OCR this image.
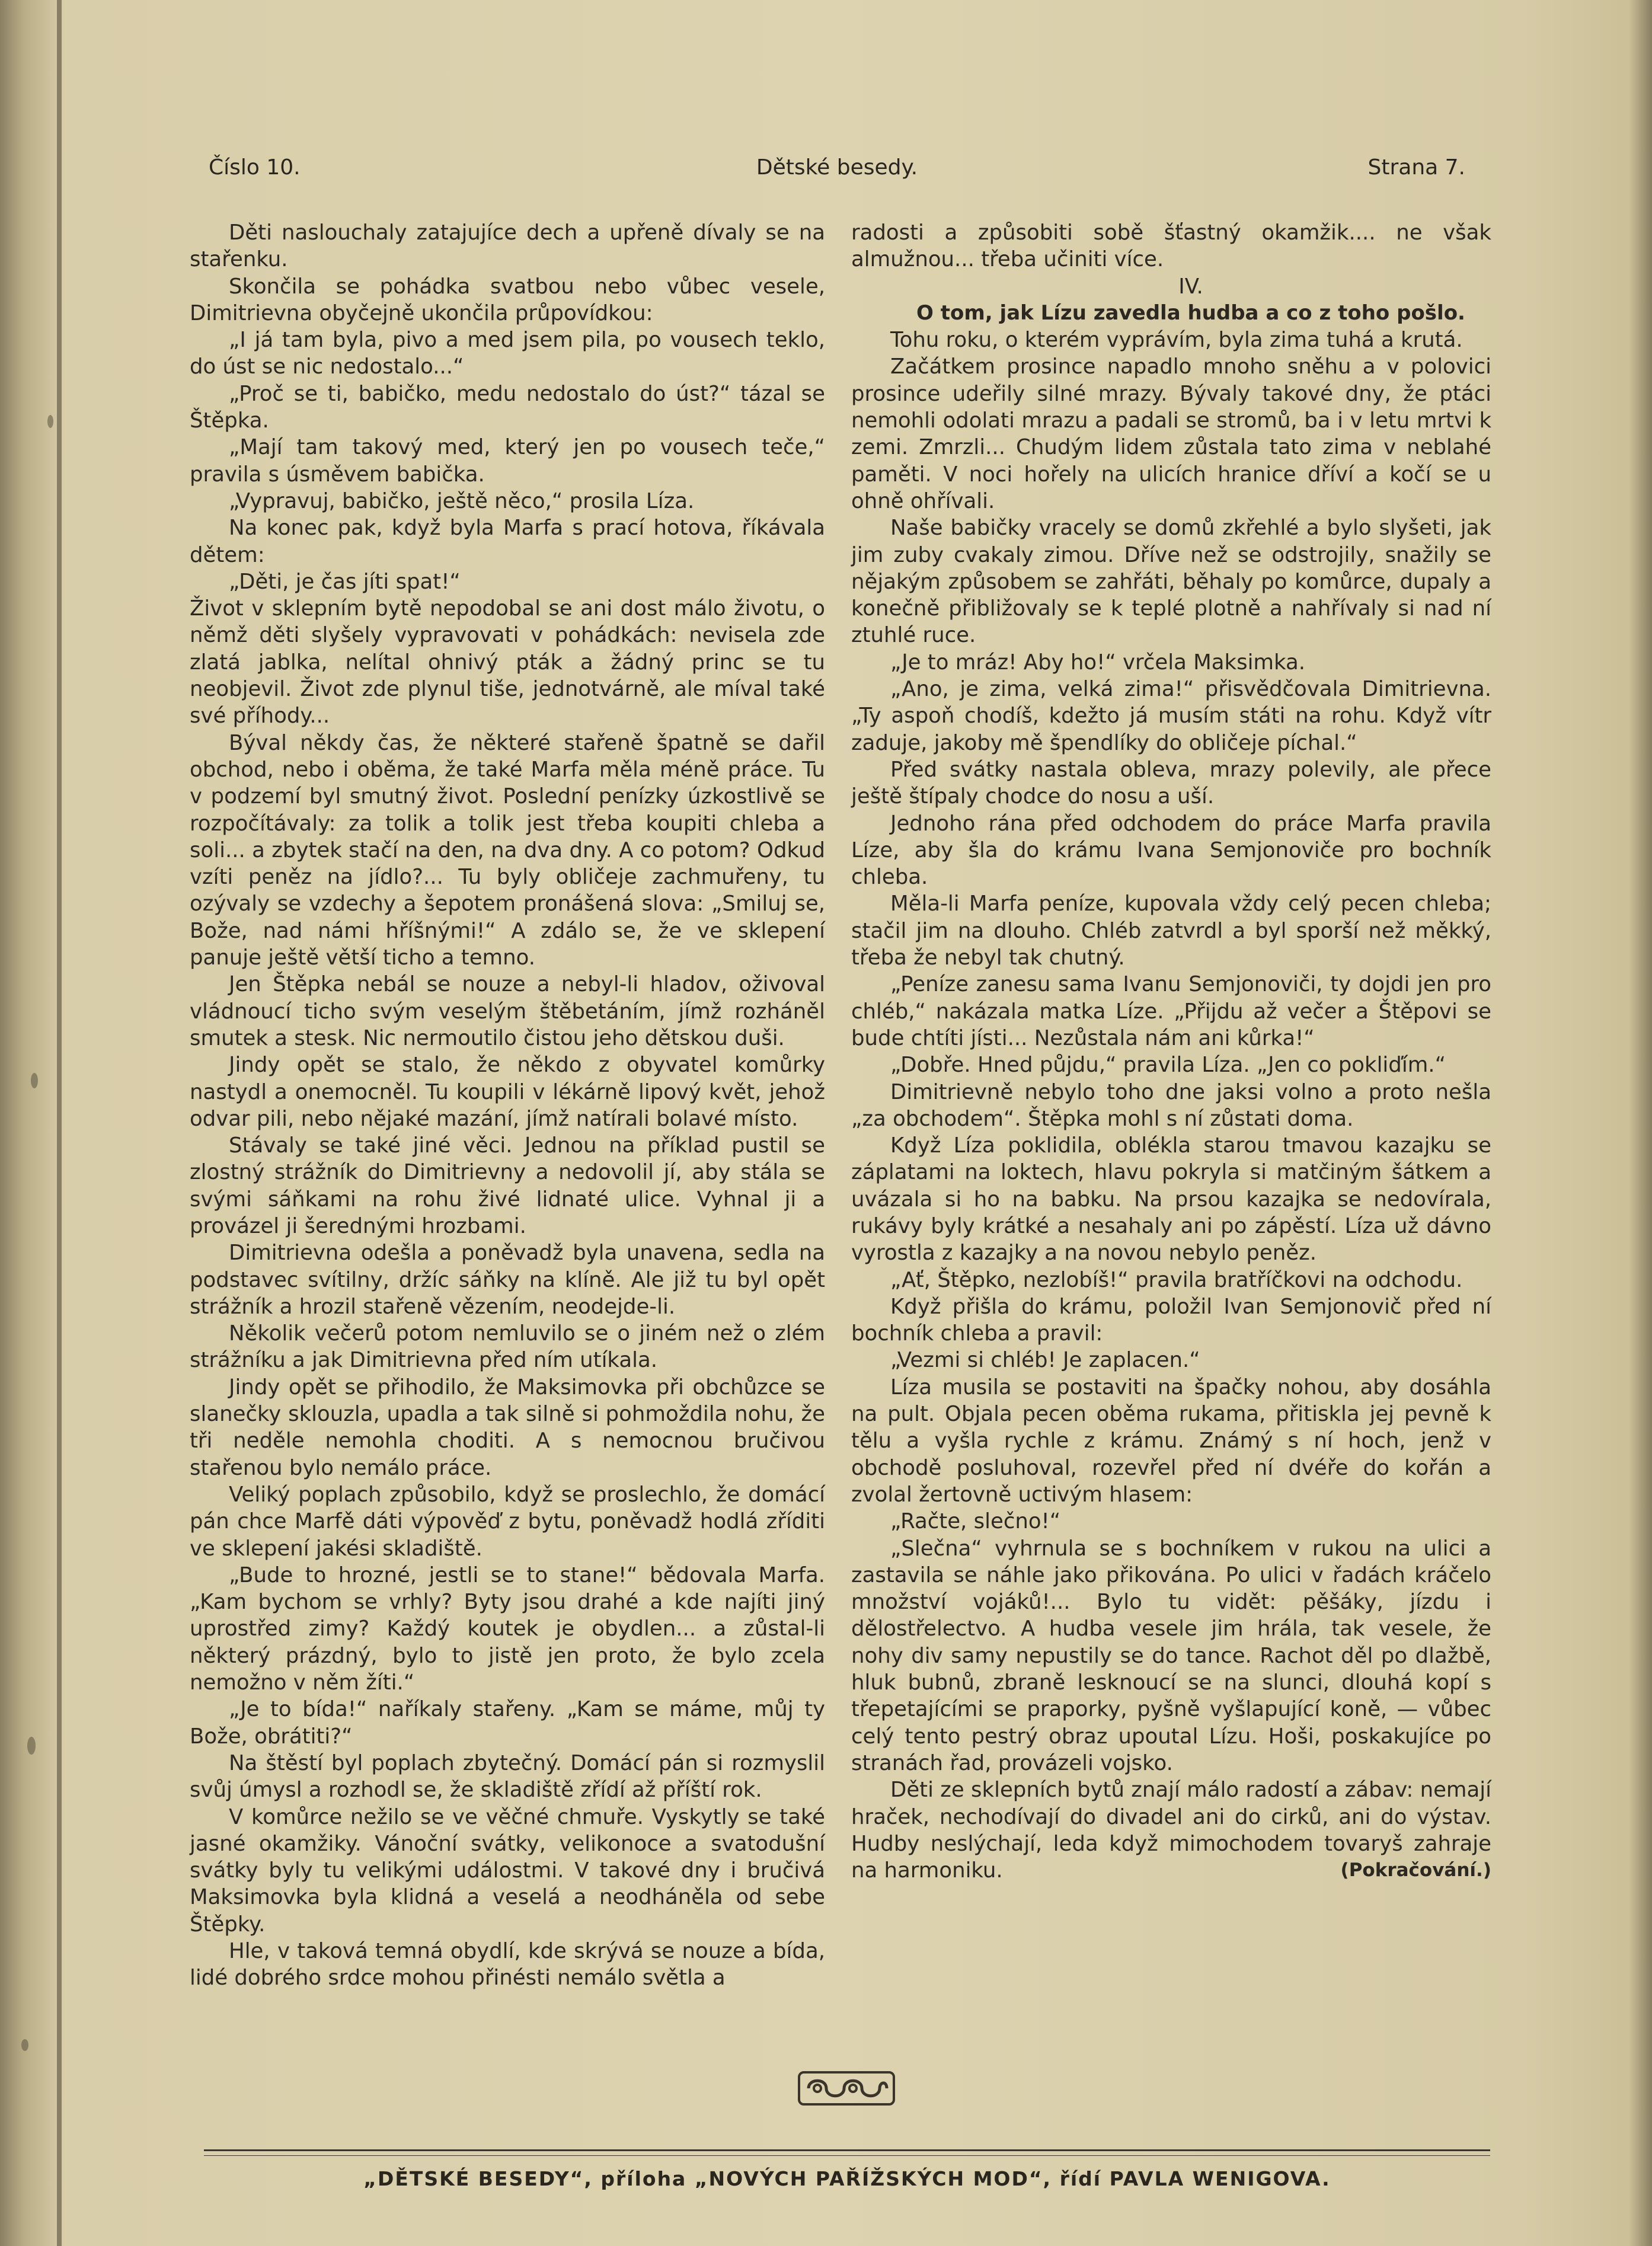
Číslo 10.	Dětské besedy.	Strana 7.

Děti naslouchaly zatajujíce dech a upřeně dívaly se na stařenku.

Skončila se pohádka svatbou nebo vůbec vesele, Dimitrievna obyčejně ukončila průpovídkou:

„I já tam byla, pivo a med jsem pila, po vousech teklo, do úst se nic nedostalo...“

„Proč se ti, babičko, medu nedostalo do úst?“ tázal se Štěpka.

„Mají tam takový med, který jen po vousech teče,“ pravila s úsměvem babička.

„Vypravuj, babičko, ještě něco,“ prosila Líza.

Na konec pak, když byla Marfa s prací hotova, říkávala dětem:

„Děti, je čas jíti spat!“

Život v sklepním bytě nepodobal se ani dost málo životu, o němž děti slyšely vypravovati v pohádkách: nevisela zde zlatá jablka, nelítal ohnivý pták a žádný princ se tu neobjevil. Život zde plynul tiše, jednotvárně, ale míval také své příhody...

Býval někdy čas, že některé stařeně špatně se dařil obchod, nebo i oběma, že také Marfa měla méně práce. Tu v podzemí byl smutný život. Poslední penízky úzkostlivě se rozpočítávaly: za tolik a tolik jest třeba koupiti chleba a soli... a zbytek stačí na den, na dva dny. A co potom? Odkud vzíti peněz na jídlo?... Tu byly obličeje zachmuřeny, tu ozývaly se vzdechy a šepotem pronášená slova: „Smiluj se, Bože, nad námi hříšnými!“ A zdálo se, že ve sklepení panuje ještě větší ticho a temno.

Jen Štěpka nebál se nouze a nebyl-li hladov, oživoval vládnoucí ticho svým veselým štěbetáním, jímž rozháněl smutek a stesk. Nic nermoutilo čistou jeho dětskou duši.

Jindy opět se stalo, že někdo z obyvatel komůrky nastydl a onemocněl. Tu koupili v lékárně lipový květ, jehož odvar pili, nebo nějaké mazání, jímž natírali bolavé místo.

Stávaly se také jiné věci. Jednou na příklad pustil se zlostný strážník do Dimitrievny a nedovolil jí, aby stála se svými sáňkami na rohu živé lidnaté ulice. Vyhnal ji a provázel ji šerednými hrozbami.

Dimitrievna odešla a poněvadž byla unavena, sedla na podstavec svítilny, držíc sáňky na klíně. Ale již tu byl opět strážník a hrozil stařeně vězením, neodejde-li.

Několik večerů potom nemluvilo se o jiném než o zlém strážníku a jak Dimitrievna před ním utíkala.

Jindy opět se přihodilo, že Maksimovka při obchůzce se slanečky sklouzla, upadla a tak silně si pohmoždila nohu, že tři neděle nemohla choditi. A s nemocnou bručivou stařenou bylo nemálo práce.

Veliký poplach způsobilo, když se proslechlo, že domácí pán chce Marfě dáti výpověď z bytu, poněvadž hodlá zříditi ve sklepení jakési skladiště.

„Bude to hrozné, jestli se to stane!“ bědovala Marfa. „Kam bychom se vrhly? Byty jsou drahé a kde najíti jiný uprostřed zimy? Každý koutek je obydlen... a zůstal-li některý prázdný, bylo to jistě jen proto, že bylo zcela nemožno v něm žíti.“

„Je to bída!“ naříkaly stařeny. „Kam se máme, můj ty Bože, obrátiti?“

Na štěstí byl poplach zbytečný. Domácí pán si rozmyslil svůj úmysl a rozhodl se, že skladiště zřídí až příští rok.

V komůrce nežilo se ve věčné chmuře. Vyskytly se také jasné okamžiky. Vánoční svátky, velikonoce a svatodušní svátky byly tu velikými událostmi. V takové dny i bručivá Maksimovka byla klidná a veselá a neodháněla od sebe Štěpky.

Hle, v taková temná obydlí, kde skrývá se nouze a bída, lidé dobrého srdce mohou přinésti nemálo světla a

radosti a způsobiti sobě šťastný okamžik.... ne však almužnou... třeba učiniti více.

IV.

O tom, jak Lízu zavedla hudba a co z toho pošlo.

Tohu roku, o kterém vyprávím, byla zima tuhá a krutá.

Začátkem prosince napadlo mnoho sněhu a v polovici prosince udeřily silné mrazy. Bývaly takové dny, že ptáci nemohli odolati mrazu a padali se stromů, ba i v letu mrtvi k zemi. Zmrzli... Chudým lidem zůstala tato zima v neblahé paměti. V noci hořely na ulicích hranice dříví a kočí se u ohně ohřívali.

Naše babičky vracely se domů zkřehlé a bylo slyšeti, jak jim zuby cvakaly zimou. Dříve než se odstrojily, snažily se nějakým způsobem se zahřáti, běhaly po komůrce, dupaly a konečně přibližovaly se k teplé plotně a nahřívaly si nad ní ztuhlé ruce.

„Je to mráz! Aby ho!“ vrčela Maksimka.

„Ano, je zima, velká zima!“ přisvědčovala Dimitrievna. „Ty aspoň chodíš, kdežto já musím státi na rohu. Když vítr zaduje, jakoby mě špendlíky do obličeje píchal.“

Před svátky nastala obleva, mrazy polevily, ale přece ještě štípaly chodce do nosu a uší.

Jednoho rána před odchodem do práce Marfa pravila Líze, aby šla do krámu Ivana Semjonoviče pro bochník chleba.

Měla-li Marfa peníze, kupovala vždy celý pecen chleba; stačil jim na dlouho. Chléb zatvrdl a byl sporší než měkký, třeba že nebyl tak chutný.

„Peníze zanesu sama Ivanu Semjonoviči, ty dojdi jen pro chléb,“ nakázala matka Líze. „Přijdu až večer a Štěpovi se bude chtíti jísti... Nezůstala nám ani kůrka!“

„Dobře. Hned půjdu,“ pravila Líza. „Jen co pokliďím.“

Dimitrievně nebylo toho dne jaksi volno a proto nešla „za obchodem“. Štěpka mohl s ní zůstati doma.

Když Líza poklidila, oblékla starou tmavou kazajku se záplatami na loktech, hlavu pokryla si matčiným šátkem a uvázala si ho na babku. Na prsou kazajka se nedovírala, rukávy byly krátké a nesahaly ani po zápěstí. Líza už dávno vyrostla z kazajky a na novou nebylo peněz.

„Ať, Štěpko, nezlobíš!“ pravila bratříčkovi na odchodu.

Když přišla do krámu, položil Ivan Semjonovič před ní bochník chleba a pravil:

„Vezmi si chléb! Je zaplacen.“

Líza musila se postaviti na špačky nohou, aby dosáhla na pult. Objala pecen oběma rukama, přitiskla jej pevně k tělu a vyšla rychle z krámu. Známý s ní hoch, jenž v obchodě posluhoval, rozevřel před ní dvéře do kořán a zvolal žertovně uctivým hlasem:

„Račte, slečno!“

„Slečna“ vyhrnula se s bochníkem v rukou na ulici a zastavila se náhle jako přikována. Po ulici v řadách kráčelo množství vojáků!... Bylo tu vidět: pěšáky, jízdu i dělostřelectvo. A hudba vesele jim hrála, tak vesele, že nohy div samy nepustily se do tance. Rachot děl po dlažbě, hluk bubnů, zbraně lesknoucí se na slunci, dlouhá kopí s třepetajícími se praporky, pyšně vyšlapující koně, — vůbec celý tento pestrý obraz upoutal Lízu. Hoši, poskakujíce po stranách řad, provázeli vojsko.

Děti ze sklepních bytů znají málo radostí a zábav: nemají hraček, nechodívají do divadel ani do cirků, ani do výstav. Hudby neslýchají, leda když mimochodem tovaryš zahraje na harmoniku.	(Pokračování.)

„DĚTSKÉ BESEDY“, příloha „NOVÝCH PAŘÍŽSKÝCH MOD“, řídí PAVLA WENIGOVA.
